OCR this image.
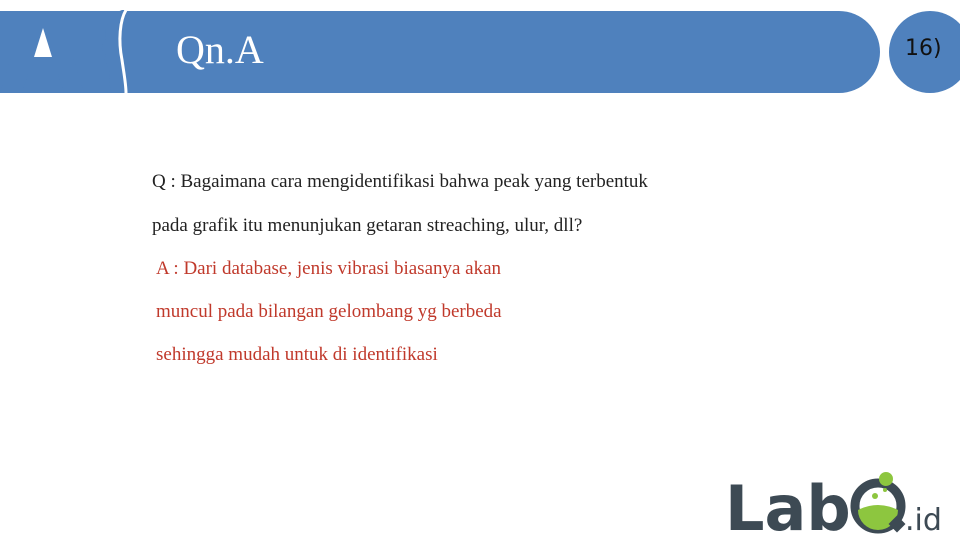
Qn.A	16)
Q : Bagaimana cara mengidentifikasi bahwa peak yang terbentuk
pada grafik itu menunjukan getaran streaching, ulur, dll?
A : Dari database, jenis vibrasi biasanya akan
muncul pada bilangan gelombang yg berbeda
sehingga mudah untuk di identifikasi
Lab .id
